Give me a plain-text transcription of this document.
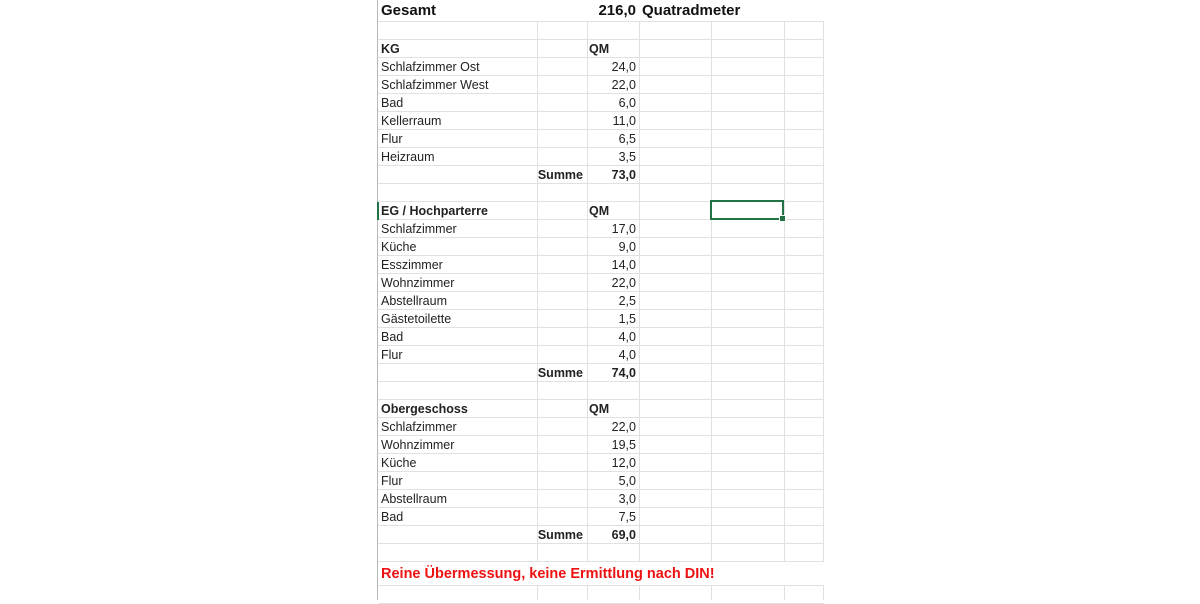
Gesamt	216,0 Quatradmeter
KG	QM
Schlafzimmer Ost	24,0
Schlafzimmer West	22,0
Bad	6,0
Kellerraum	11,0
Flur	6,5
Heizraum	3,5
Summe	73,0
EG / Hochparterre	QM
Schlafzimmer	17,0
Küche	9,0
Esszimmer	14,0
Wohnzimmer	22,0
Abstellraum	2,5
Gästetoilette	1,5
Bad	4,0
Flur	4,0
Summe	74,0
Obergeschoss	QM
Schlafzimmer	22,0
Wohnzimmer	19,5
Küche	12,0
Flur	5,0
Abstellraum	3,0
Bad	7,5
Summe	69,0
Reine Übermessung, keine Ermittlung nach DIN!
